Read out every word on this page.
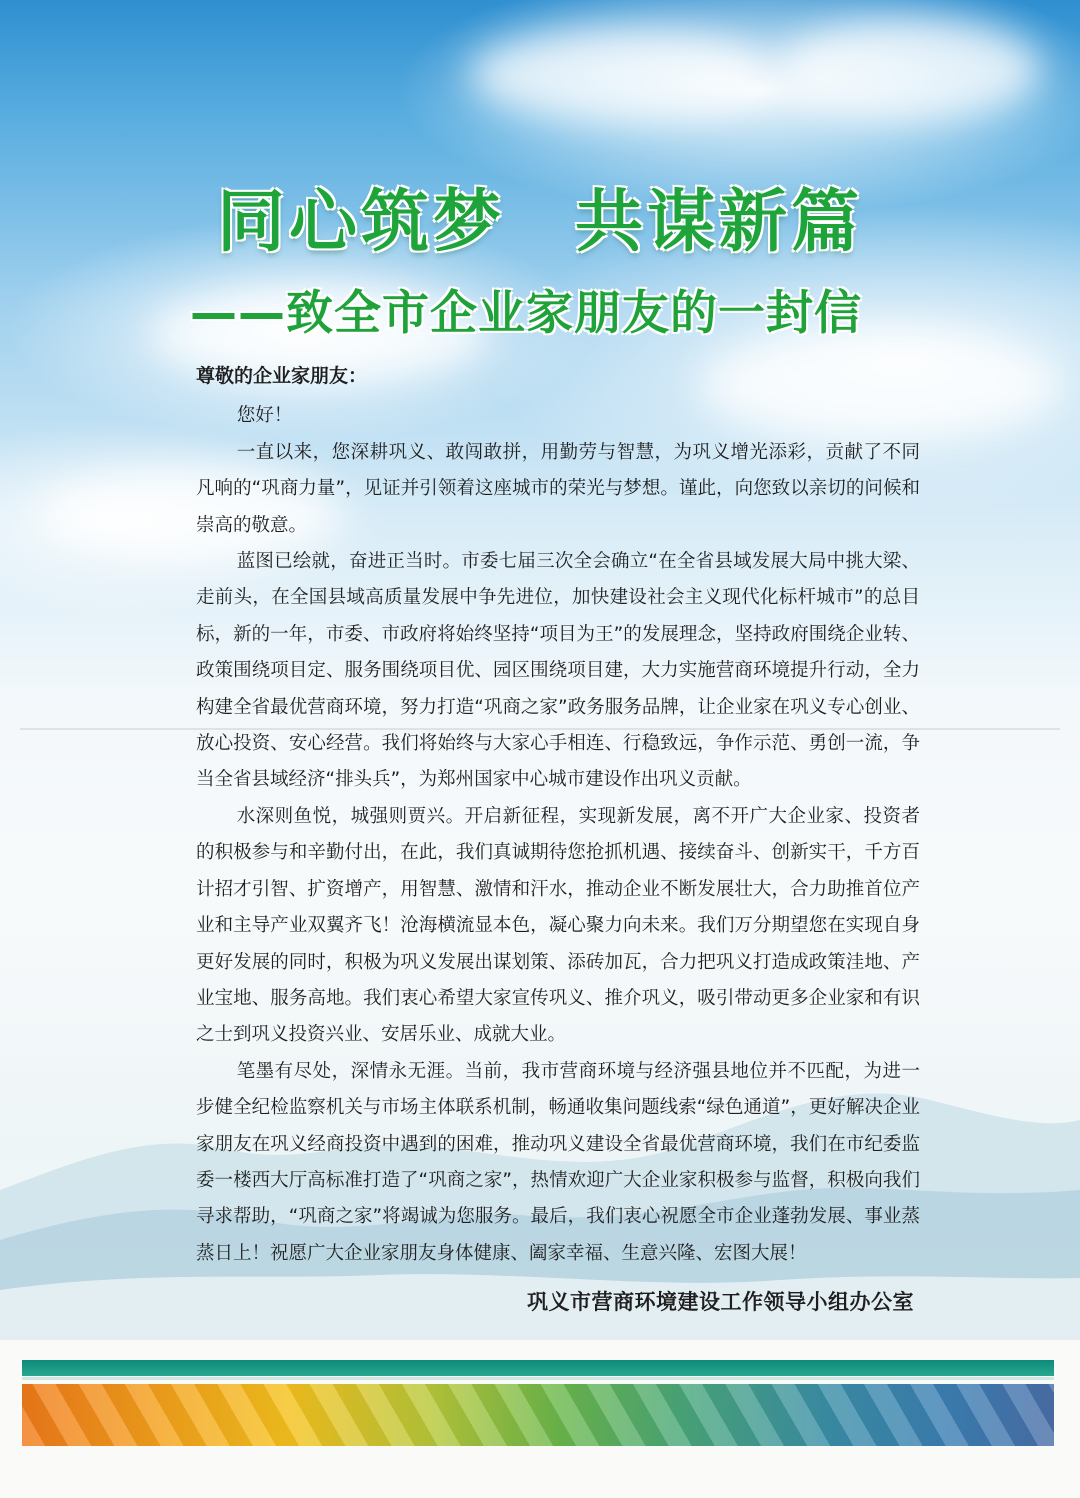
同心筑梦 共谋新篇
——致全市企业家朋友的一封信
尊敬的企业家朋友：

您好！

一直以来，您深耕巩义、敢闯敢拼，用勤劳与智慧，为巩义增光添彩，贡献了不同凡响的“巩商力量”，见证并引领着这座城市的荣光与梦想。谨此，向您致以亲切的问候和崇高的敬意。

蓝图已绘就，奋进正当时。市委七届三次全会确立“在全省县域发展大局中挑大梁、走前头，在全国县域高质量发展中争先进位，加快建设社会主义现代化标杆城市”的总目标，新的一年，市委、市政府将始终坚持“项目为王”的发展理念，坚持政府围绕企业转、政策围绕项目定、服务围绕项目优、园区围绕项目建，大力实施营商环境提升行动，全力构建全省最优营商环境，努力打造“巩商之家”政务服务品牌，让企业家在巩义专心创业、放心投资、安心经营。我们将始终与大家心手相连、行稳致远，争作示范、勇创一流，争当全省县域经济“排头兵”，为郑州国家中心城市建设作出巩义贡献。

水深则鱼悦，城强则贾兴。开启新征程，实现新发展，离不开广大企业家、投资者的积极参与和辛勤付出，在此，我们真诚期待您抢抓机遇、接续奋斗、创新实干，千方百计招才引智、扩资增产，用智慧、激情和汗水，推动企业不断发展壮大，合力助推首位产业和主导产业双翼齐飞！沧海横流显本色，凝心聚力向未来。我们万分期望您在实现自身更好发展的同时，积极为巩义发展出谋划策、添砖加瓦，合力把巩义打造成政策洼地、产业宝地、服务高地。我们衷心希望大家宣传巩义、推介巩义，吸引带动更多企业家和有识之士到巩义投资兴业、安居乐业、成就大业。

笔墨有尽处，深情永无涯。当前，我市营商环境与经济强县地位并不匹配，为进一步健全纪检监察机关与市场主体联系机制，畅通收集问题线索“绿色通道”，更好解决企业家朋友在巩义经商投资中遇到的困难，推动巩义建设全省最优营商环境，我们在市纪委监委一楼西大厅高标准打造了“巩商之家”，热情欢迎广大企业家积极参与监督，积极向我们寻求帮助，“巩商之家”将竭诚为您服务。最后，我们衷心祝愿全市企业蓬勃发展、事业蒸蒸日上！祝愿广大企业家朋友身体健康、阖家幸福、生意兴隆、宏图大展！

巩义市营商环境建设工作领导小组办公室
